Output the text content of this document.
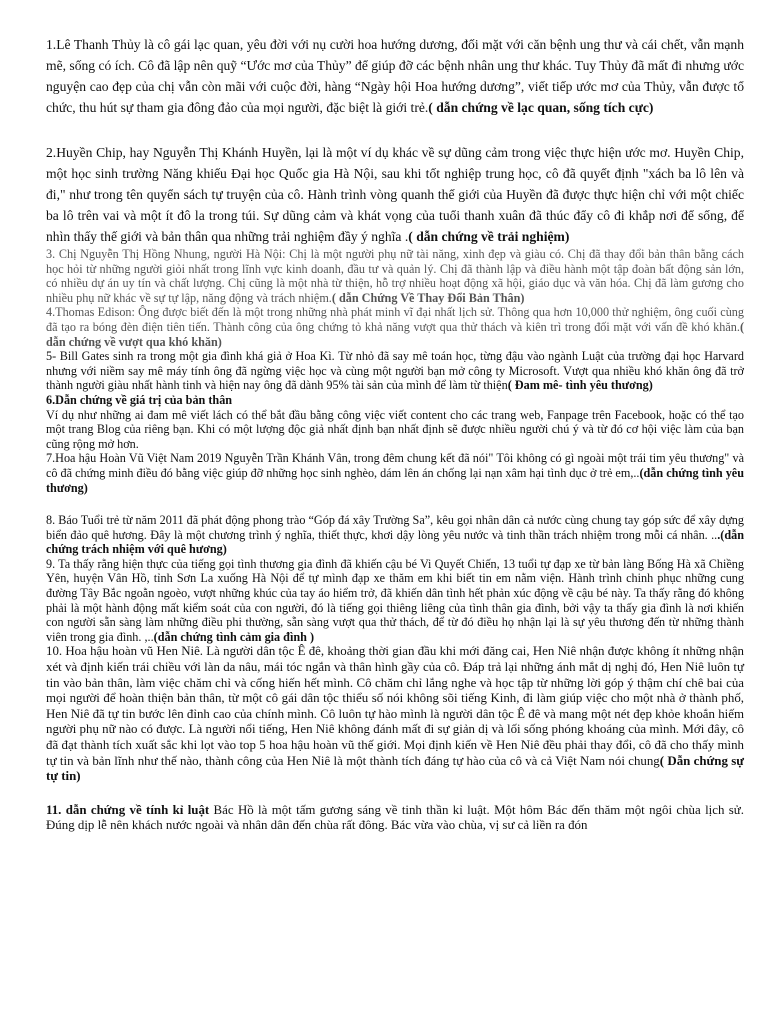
1.Lê Thanh Thủy là cô gái lạc quan, yêu đời với nụ cười hoa hướng dương, đối mặt với căn bệnh ung thư và cái chết, vẫn mạnh mẽ, sống có ích. Cô đã lập nên quỹ “Ước mơ của Thủy” để giúp đỡ các bệnh nhân ung thư khác. Tuy Thủy đã mất đi nhưng ước nguyện cao đẹp của chị vẫn còn mãi với cuộc đời, hàng “Ngày hội Hoa hướng dương”, viết tiếp ước mơ của Thủy, vẫn được tổ chức, thu hút sự tham gia đông đảo của mọi người, đặc biệt là giới trẻ.( dẫn chứng về lạc quan, sống tích cực)

2.Huyền Chip, hay Nguyễn Thị Khánh Huyền, lại là một ví dụ khác về sự dũng cảm trong việc thực hiện ước mơ. Huyền Chip, một học sinh trường Năng khiếu Đại học Quốc gia Hà Nội, sau khi tốt nghiệp trung học, cô đã quyết định "xách ba lô lên và đi," như trong tên quyển sách tự truyện của cô. Hành trình vòng quanh thế giới của Huyền đã được thực hiện chỉ với một chiếc ba lô trên vai và một ít đô la trong túi. Sự dũng cảm và khát vọng của tuổi thanh xuân đã thúc đẩy cô đi khắp nơi để sống, để nhìn thấy thế giới và bản thân qua những trải nghiệm đầy ý nghĩa .( dẫn chứng về trải nghiệm)

3. Chị Nguyễn Thị Hồng Nhung, người Hà Nội: Chị là một người phụ nữ tài năng, xinh đẹp và giàu có. Chị đã thay đổi bản thân bằng cách học hỏi từ những người giỏi nhất trong lĩnh vực kinh doanh, đầu tư và quản lý. Chị đã thành lập và điều hành một tập đoàn bất động sản lớn, có nhiều dự án uy tín và chất lượng. Chị cũng là một nhà từ thiện, hỗ trợ nhiều hoạt động xã hội, giáo dục và văn hóa. Chị đã làm gương cho nhiều phụ nữ khác về sự tự lập, năng động và trách nhiệm.( dẫn Chứng Về Thay Đổi Bản Thân)

4.Thomas Edison: Ông được biết đến là một trong những nhà phát minh vĩ đại nhất lịch sử. Thông qua hơn 10,000 thử nghiệm, ông cuối cùng đã tạo ra bóng đèn điện tiên tiến. Thành công của ông chứng tỏ khả năng vượt qua thử thách và kiên trì trong đối mặt với vấn đề khó khăn.( dẫn chứng về vượt qua khó khăn)

5- Bill Gates sinh ra trong một gia đình khá giả ở Hoa Kì. Từ nhỏ đã say mê toán học, từng đậu vào ngành Luật của trường đại học Harvard nhưng với niềm say mê máy tính ông đã ngừng việc học và cùng một người bạn mở công ty Microsoft. Vượt qua nhiều khó khăn ông đã trở thành người giàu nhất hành tinh và hiện nay ông đã dành 95% tài sản của mình để làm từ thiện( Đam mê- tình yêu thương)

6.Dẫn chứng về giá trị của bản thân
Ví dụ như những ai đam mê viết lách có thể bắt đầu bằng công việc viết content cho các trang web, Fanpage trên Facebook, hoặc có thể tạo một trang Blog của riêng bạn. Khi có một lượng độc giả nhất định bạn nhất định sẽ được nhiều người chú ý và từ đó cơ hội việc làm của bạn cũng rộng mở hơn.

7.Hoa hậu Hoàn Vũ Việt Nam 2019 Nguyễn Trần Khánh Vân, trong đêm chung kết đã nói" Tôi không có gì ngoài một trái tim yêu thương" và cô đã chứng minh điều đó bằng việc giúp đỡ những học sinh nghèo, dám lên án chống lại nạn xâm hại tình dục ở trẻ em,..(dẫn chứng tình yêu thương)

8. Báo Tuổi trẻ từ năm 2011 đã phát động phong trào “Góp đá xây Trường Sa”, kêu gọi nhân dân cả nước cùng chung tay góp sức để xây dựng biển đảo quê hương. Đây là một chương trình ý nghĩa, thiết thực, khơi dậy lòng yêu nước và tinh thần trách nhiệm trong mỗi cá nhân. ...(dẫn chứng trách nhiệm với quê hương)

9. Ta thấy rằng hiện thực của tiếng gọi tình thương gia đình đã khiến cậu bé Vi Quyết Chiến, 13 tuổi tự đạp xe từ bản làng Bống Hà xã Chiềng Yên, huyện Vân Hồ, tỉnh Sơn La xuống Hà Nội để tự mình đạp xe thăm em khi biết tin em nằm viện. Hành trình chinh phục những cung đường Tây Bắc ngoằn ngoèo, vượt những khúc của tay áo hiểm trở, đã khiến dân tình hết phản xúc động về cậu bé này. Ta thấy rằng đó không phải là một hành động mất kiểm soát của con người, đó là tiếng gọi thiêng liêng của tình thân gia đình, bởi vậy ta thấy gia đình là nơi khiến con người sẵn sàng làm những điều phi thường, sẵn sàng vượt qua thử thách, để từ đó điều họ nhận lại là sự yêu thương đến từ những thành viên trong gia đình. ,..(dẫn chứng tình cảm gia đình )

10. Hoa hậu hoàn vũ Hen Niê. Là người dân tộc Ê đê, khoảng thời gian đầu khi mới đăng cai, Hen Niê nhận được không ít những nhận xét và định kiến trái chiều với làn da nâu, mái tóc ngắn và thân hình gầy của cô. Đáp trả lại những ánh mắt dị nghị đó, Hen Niê luôn tự tin vào bản thân, làm việc chăm chỉ và cống hiến hết mình. Cô chăm chỉ lắng nghe và học tập từ những lời góp ý thậm chí chê bai của mọi người để hoàn thiện bản thân, từ một cô gái dân tộc thiểu số nói không sõi tiếng Kinh, đi làm giúp việc cho một nhà ở thành phố, Hen Niê đã tự tin bước lên đỉnh cao của chính mình. Cô luôn tự hào mình là người dân tộc Ê đê và mang một nét đẹp khỏe khoắn hiếm người phụ nữ nào có được. Là người nổi tiếng, Hen Niê không đánh mất đi sự giản dị và lối sống phóng khoáng của mình. Mới đây, cô đã đạt thành tích xuất sắc khi lọt vào top 5 hoa hậu hoàn vũ thế giới. Mọi định kiến về Hen Niê đều phải thay đổi, cô đã cho thấy mình tự tin và bản lĩnh như thế nào, thành công của Hen Niê là một thành tích đáng tự hào của cô và cả Việt Nam nói chung( Dẫn chứng sự tự tin)

11. dẫn chứng về tính kỉ luật Bác Hồ là một tấm gương sáng về tinh thần kỉ luật. Một hôm Bác đến thăm một ngôi chùa lịch sử. Đúng dịp lễ nên khách nước ngoài và nhân dân đến chùa rất đông. Bác vừa vào chùa, vị sư cả liền ra đón
